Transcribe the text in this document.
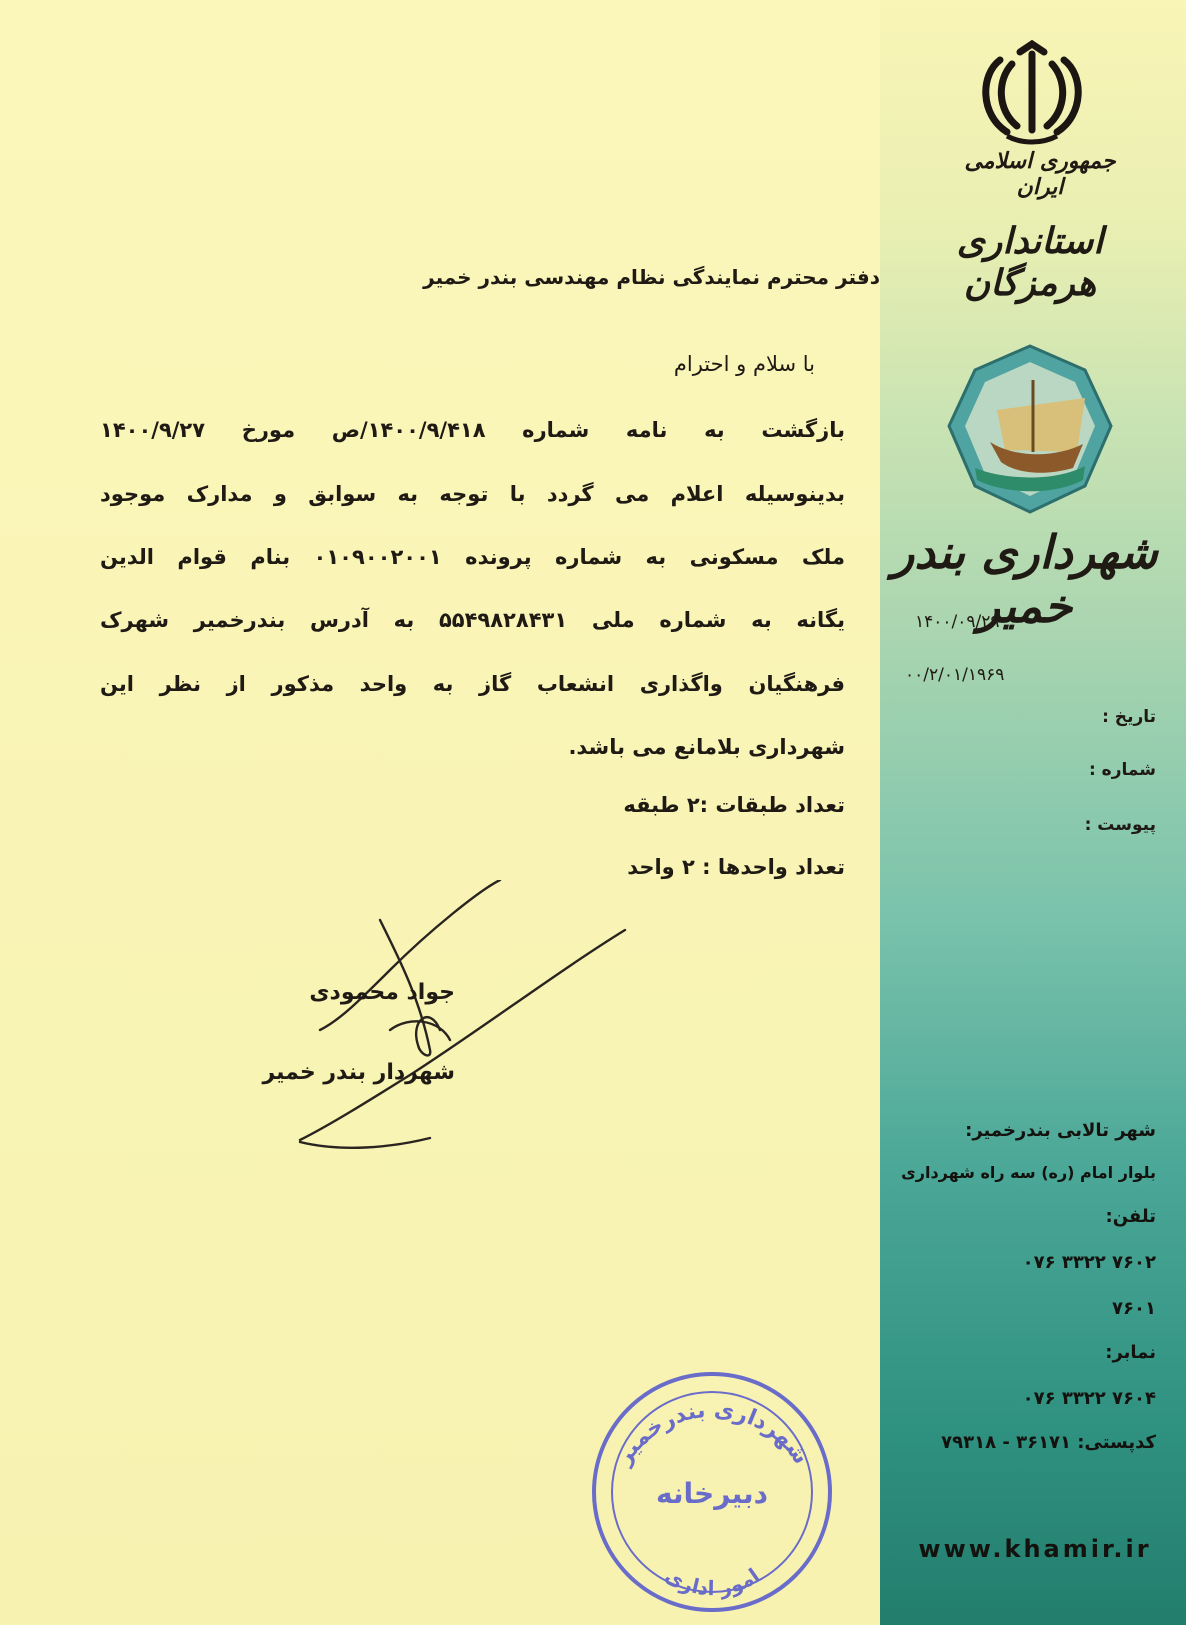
جمهوری اسلامی ایران
استانداری هرمزگان
شهرداری بندر خمیر
۱۴۰۰/۰۹/۲۹
۰۰/۲/۰۱/۱۹۶۹
تاریخ :
شماره :
پیوست :
دفتر محترم نمایندگی نظام مهندسی بندر خمیر
با سلام و احترام
بازگشت به نامه شماره ۱۴۰۰/۹/۴۱۸/ص مورخ ۱۴۰۰/۹/۲۷
بدینوسیله اعلام می گردد با توجه به سوابق و مدارک موجود
ملک مسکونی به شماره پرونده ۰۱۰۹۰۰۲۰۰۱ بنام قوام الدین
یگانه به شماره ملی ۵۵۴۹۸۲۸۴۳۱ به آدرس بندرخمیر شهرک
فرهنگیان واگذاری انشعاب گاز به واحد مذکور از نظر این
شهرداری بلامانع می باشد.
تعداد طبقات :۲ طبقه
تعداد واحدها : ۲ واحد
جواد محمودی
شهردار بندر خمیر
شهرداری بندرخمیر
دبیرخانه
امور اداری
شهر تالابی بندرخمیر:
بلوار امام (ره) سه راه شهرداری
تلفن:
۰۷۶ ۳۳۲۲ ۷۶۰۲
۷۶۰۱
نمابر:
۰۷۶ ۳۳۲۲ ۷۶۰۴
کدپستی: ۳۶۱۷۱ - ۷۹۳۱۸
www.khamir.ir
